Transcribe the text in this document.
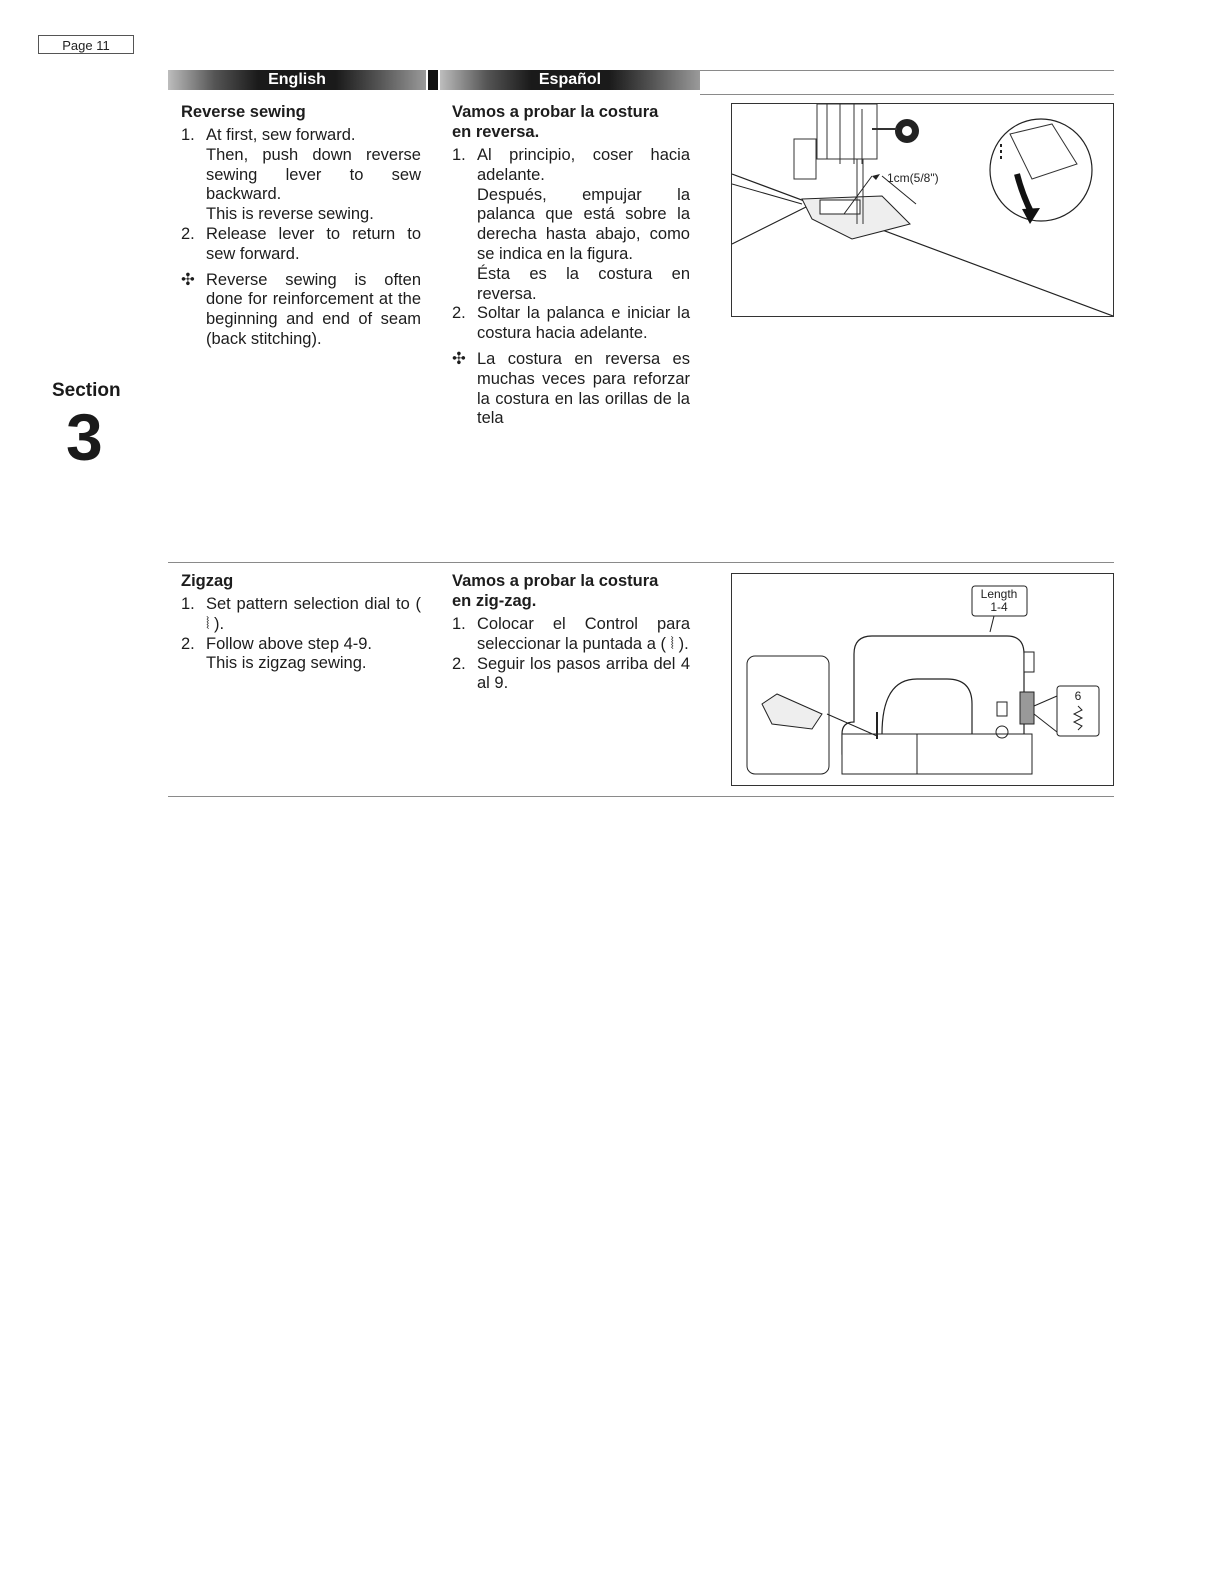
Page 11
English	Español
Section
3
Reverse sewing
1. At first, sew forward.
Then, push down reverse sewing lever to sew backward.
This is reverse sewing.
2. Release lever to return to sew forward.
✣ Reverse sewing is often done for reinforcement at the beginning and end of seam (back stitching).
Vamos a probar la costura
en reversa.
1. Al principio, coser hacia adelante.
Después, empujar la palanca que está sobre la derecha hasta abajo, como se indica en la figura.
Ésta es la costura en reversa.
2. Soltar la palanca e iniciar la costura hacia adelante.
✣ La costura en reversa es muchas veces para reforzar la costura en las orillas de la tela
1cm(5/8")
Zigzag
1. Set pattern selection dial to ( ⦚ ).
2. Follow above step 4-9.
This is zigzag sewing.
Vamos a probar la costura
en zig-zag.
1. Colocar el Control para seleccionar la puntada a ( ⦚ ).
2. Seguir los pasos arriba del 4 al 9.
Length
1-4
6
